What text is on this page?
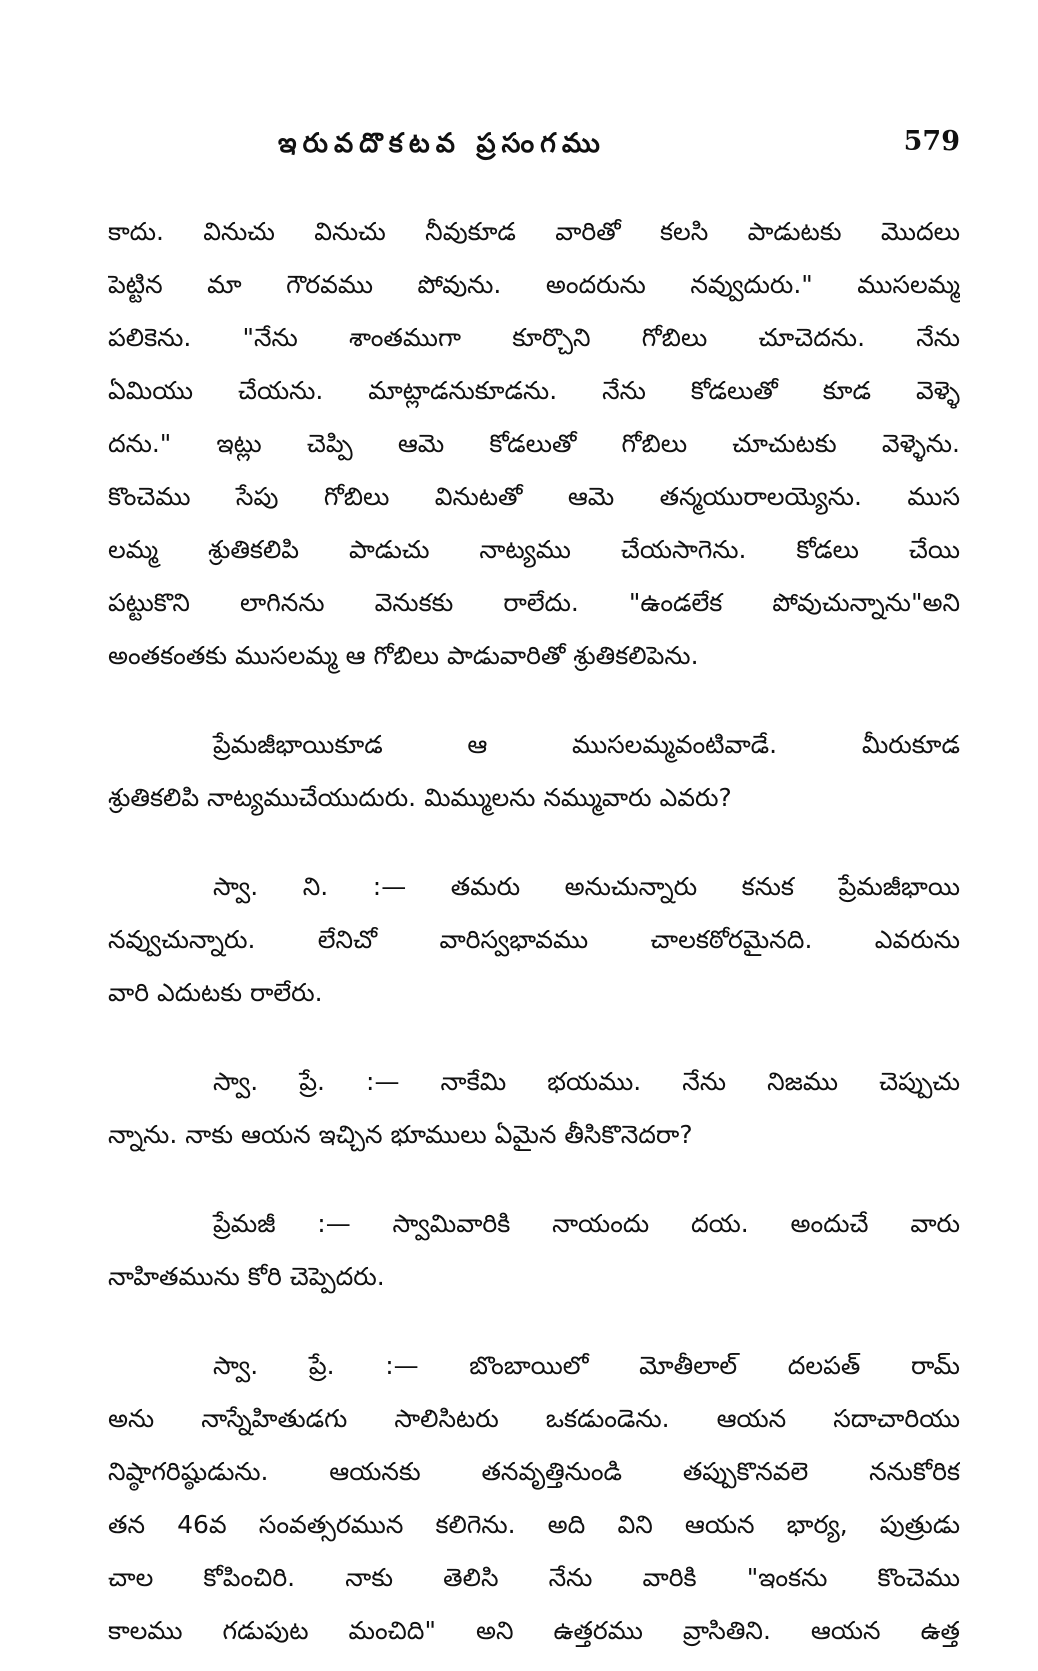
ఇరువదొకటవ ప్రసంగము	579
కాదు. వినుచు వినుచు నీవుకూడ వారితో కలసి పాడుటకు మొదలు
పెట్టిన మా గౌరవము పోవును. అందరును నవ్వుదురు." ముసలమ్మ
పలికెను. "నేను శాంతముగా కూర్చొని గోబిలు చూచెదను. నేను
ఏమియు చేయను. మాట్లాడనుకూడను. నేను కోడలుతో కూడ వెళ్ళె
దను." ఇట్లు చెప్పి ఆమె కోడలుతో గోబిలు చూచుటకు వెళ్ళెను.
కొంచెము సేపు గోబిలు వినుటతో ఆమె తన్మయురాలయ్యెను. ముస
లమ్మ శ్రుతికలిపి పాడుచు నాట్యము చేయసాగెను. కోడలు చేయి
పట్టుకొని లాగినను వెనుకకు రాలేదు. "ఉండలేక పోవుచున్నాను"అని
అంతకంతకు ముసలమ్మ ఆ గోబిలు పాడువారితో శ్రుతికలిపెను.
ప్రేమజీభాయికూడ ఆ ముసలమ్మవంటివాడే. మీరుకూడ
శ్రుతికలిపి నాట్యముచేయుదురు. మిమ్ములను నమ్మువారు ఎవరు?
స్వా. ని. :— తమరు అనుచున్నారు కనుక ప్రేమజీభాయి
నవ్వుచున్నారు. లేనిచో వారిస్వభావము చాలకఠోరమైనది. ఎవరును
వారి ఎదుటకు రాలేరు.
స్వా. ప్రే. :— నాకేమి భయము. నేను నిజము చెప్పుచు
న్నాను. నాకు ఆయన ఇచ్చిన భూములు ఏమైన తీసికొనెదరా?
ప్రేమజీ :— స్వామివారికి నాయందు దయ. అందుచే వారు
నాహితమును కోరి చెప్పెదరు.
స్వా. ప్రే. :— బొంబాయిలో మోతీలాల్ దలపత్ రామ్
అను నాస్నేహితుడగు సాలిసిటరు ఒకడుండెను. ఆయన సదాచారియు
నిష్ఠాగరిష్ఠుడును. ఆయనకు తనవృత్తినుండి తప్పుకొనవలె ననుకోరిక
తన 46వ సంవత్సరమున కలిగెను. అది విని ఆయన భార్య, పుత్రుడు
చాల కోపించిరి. నాకు తెలిసి నేను వారికి "ఇంకను కొంచెము
కాలము గడుపుట మంచిది" అని ఉత్తరము వ్రాసితిని. ఆయన ఉత్త
